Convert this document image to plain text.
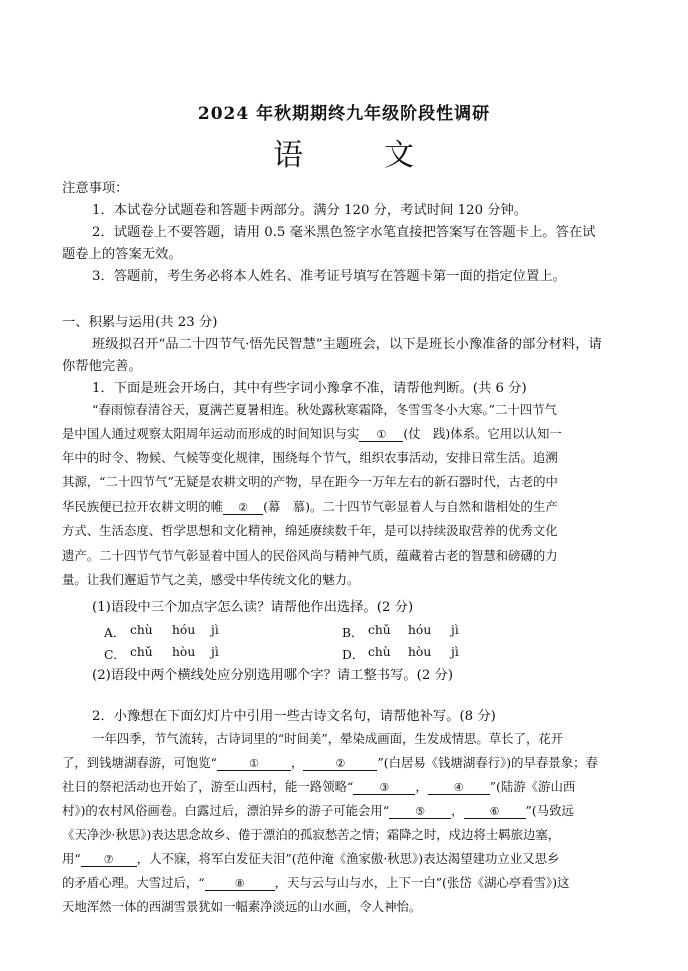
2024 年秋期期终九年级阶段性调研
语	文
注意事项：
1．本试卷分试题卷和答题卡两部分。满分 120 分，考试时间 120 分钟。
2．试题卷上不要答题，请用 0.5 毫米黑色签字水笔直接把答案写在答题卡上。答在试
题卷上的答案无效。
3．答题前，考生务必将本人姓名、准考证号填写在答题卡第一面的指定位置上。
一、积累与运用(共 23 分)
班级拟召开“品二十四节气·悟先民智慧”主题班会，以下是班长小豫准备的部分材料，请
你帮他完善。
1．下面是班会开场白，其中有些字词小豫拿不准，请帮他判断。(共 6 分)
“春雨惊春清谷天，夏满芒夏暑相连。秋处露秋寒霜降，冬雪雪冬小大寒。”二十四节气
是中国人通过观察太阳周年运动而形成的时间知识与实 ① (仗　践)体系。它用以认知一
年中的时令、物候、气候等变化规律，围绕每个节气，组织农事活动，安排日常生活。追溯
其源，“二十四节气”无疑是农耕文明的产物，早在距今一万年左右的新石器时代，古老的中
华民族便已拉开农耕文明的帷 ② (幕　慕)。二十四节气彰显着人与自然和谐相处的生产
方式、生活态度、哲学思想和文化精神，绵延赓续数千年，是可以持续汲取营养的优秀文化
遗产。二十四节气节气彰显着中国人的民俗风尚与精神气质，蕴藏着古老的智慧和磅礴的力
量。让我们邂逅节气之美，感受中华传统文化的魅力。
(1)语段中三个加点字怎么读？请帮他作出选择。(2 分)
A． chù hóu jì	B． chǔ hóu jì
C． chǔ hòu jì	D． chù hòu jì
(2)语段中两个横线处应分别选用哪个字？请工整书写。(2 分)
2．小豫想在下面幻灯片中引用一些古诗文名句，请帮他补写。(8 分)
一年四季，节气流转，古诗词里的“时间美”，晕染成画面，生发成情思。草长了，花开
了，到钱塘湖春游，可饱览“	①	，	②	”(白居易《钱塘湖春行》)的早春景象；春
社日的祭祀活动也开始了，游至山西村，能一路领略“ ③ ， ④ ”(陆游《游山西
村》)的农村风俗画卷。白露过后，漂泊异乡的游子可能会用“ ⑤ ， ⑥ ”(马致远
《天净沙·秋思》)表达思念故乡、倦于漂泊的孤寂愁苦之情；霜降之时，戍边将士羁旅边塞，
用“ ⑦ ，人不寐，将军白发征夫泪”(范仲淹《渔家傲·秋思》)表达渴望建功立业又思乡
的矛盾心理。大雪过后，“	⑧ ，天与云与山与水，上下一白”(张岱《湖心亭看雪》)这
天地浑然一体的西湖雪景犹如一幅素净淡远的山水画，令人神怡。
